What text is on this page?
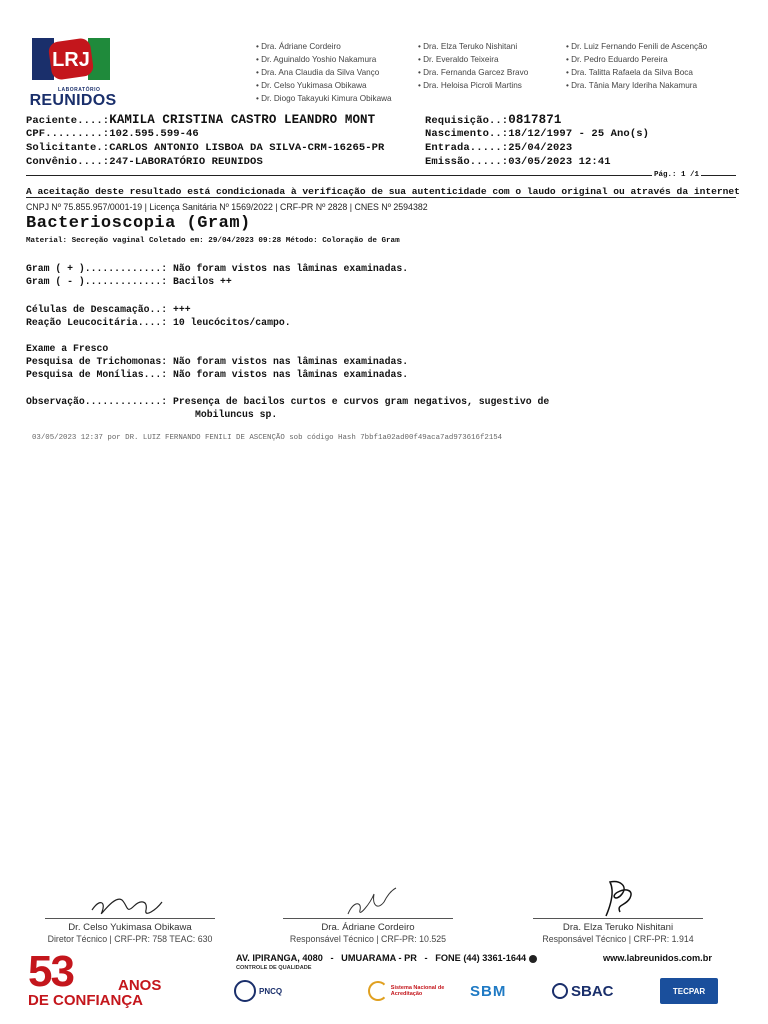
LRJ
LABORATÓRIO
REUNIDOS
• Dra. Ádriane Cordeiro
• Dr. Aguinaldo Yoshio Nakamura
• Dra. Ana Claudia da Silva Vanço
• Dr. Celso Yukimasa Obikawa
• Dr. Diogo Takayuki Kimura Obikawa
• Dra. Elza Teruko Nishitani
• Dr. Everaldo Teixeira
• Dra. Fernanda Garcez Bravo
• Dra. Heloisa Picroli Martins
• Dr. Luiz Fernando Fenili de Ascenção
• Dr. Pedro Eduardo Pereira
• Dra. Talitta Rafaela da Silva Boca
• Dra. Tânia Mary Ideriha Nakamura
Paciente....:KAMILA CRISTINA CASTRO LEANDRO MONT
CPF.........:102.595.599-46
Solicitante.:CARLOS ANTONIO LISBOA DA SILVA-CRM-16265-PR
Convênio....:247-LABORATÓRIO REUNIDOS
Requisição..:0817871
Nascimento..:18/12/1997 - 25 Ano(s)
Entrada.....:25/04/2023
Emissão.....:03/05/2023 12:41
Pág.: 1 /1
A aceitação deste resultado está condicionada à verificação de sua autenticidade com o laudo original ou através da internet
CNPJ Nº 75.855.957/0001-19 | Licença Sanitária Nº 1569/2022 | CRF-PR Nº 2828 | CNES Nº 2594382
Bacterioscopia (Gram)
Material: Secreção vaginal Coletado em: 29/04/2023 09:28 Método: Coloração de Gram
Gram ( + ).............: Não foram vistos nas lâminas examinadas.
Gram ( - ).............: Bacilos ++
Células de Descamação..: +++
Reação Leucocitária....: 10 leucócitos/campo.
Exame a Fresco
Pesquisa de Trichomonas: Não foram vistos nas lâminas examinadas.
Pesquisa de Monílias...: Não foram vistos nas lâminas examinadas.
Observação.............: Presença de bacilos curtos e curvos gram negativos, sugestivo de
Mobiluncus sp.
03/05/2023 12:37 por DR. LUIZ FERNANDO FENILI DE ASCENÇÃO sob código Hash 7bbf1a02ad00f49aca7ad973616f2154
Dr. Celso Yukimasa Obikawa
Diretor Técnico | CRF-PR: 758 TEAC: 630
Dra. Ádriane Cordeiro
Responsável Técnico | CRF-PR: 10.525
Dra. Elza Teruko Nishitani
Responsável Técnico | CRF-PR: 1.914
53	ANOS
DE CONFIANÇA
AV. IPIRANGA, 4080   -   UMUARAMA - PR   -   FONE (44) 3361-1644	www.labreunidos.com.br
CONTROLE DE QUALIDADE
PNCQ	Sistema Nacional de Acreditação	SBM	SBAC	TECPAR
